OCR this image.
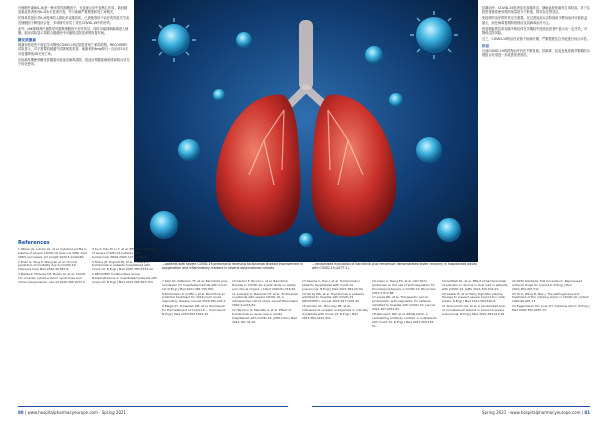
白细胞介素6(IL-6)是一种多效性细胞因子，在炎症反应中起核心作用。新冠肺炎重症患者体内IL-6水平显著升高，并与疾病严重程度和死亡率相关。

托珠单抗是针对IL-6受体的人源化单克隆抗体，已被批准用于治疗类风湿关节炎及细胞因子释放综合征。多项研究评估了其在COVID-19中的疗效。

此外，JAK抑制剂巴瑞替尼可阻断细胞因子信号传导，同时可能抑制病毒进入细胞。临床试验显示其联合瑞德西韦可缩短住院患者的恢复时间。

糖皮质激素

地塞米松是首个被证实可降低COVID-19住院患者死亡率的药物。RECOVERY试验显示，对于需要机械通气或吸氧的患者，地塞米松6mg每日一次治疗10天可显著降低28天死亡率。

在疾病早期使用糖皮质激素可能延迟病毒清除，因此应根据疾病阶段和氧合状态个体化使用。

抗凝治疗：COVID-19患者存在高凝状态，静脉血栓栓塞发生率较高。对于住院患者推荐使用预防剂量低分子肝素，除非存在禁忌证。

免疫调节治疗的时机至关重要。在过度炎症反应阶段给予靶向治疗可能获益最大，而在病毒复制阶段则应以抗病毒治疗为主。

恢复期血浆及单克隆中和抗体在早期轻中度高危患者中显示出一定疗效，可降低住院风险。

总之，COVID-19的治疗应基于疾病分期、严重程度及合并症进行综合评估。

结论

目前COVID-19的药物治疗仍在不断发展，抗病毒、抗炎及免疫调节策略的合理组合有望进一步改善患者预后。

References

1 Wilson JG, Lutrick LS, et al. Cytokine profile in plasma of severe COVID-19 does not differ from ARDS and sepsis. JCI Insight 2020;5:e140289.

2 Ruan Q, Yang K, Wang W, et al. Clinical predictors of mortality due to COVID-19. Intensive Care Med 2020;46:846-8.

3 Mehta P, McAuley DF, Brown M, et al. COVID-19: consider cytokine storm syndromes and immunosuppression. Lancet 2020;395:1033-4.

4 Xu X, Han M, Li T, et al. Effective treatment of severe COVID-19 patients with tocilizumab. PNAS 2020;117:10970-5.

5 Stone JH, Frigault MJ, et al. Efficacy of tocilizumab in patients hospitalized with Covid-19. N Engl J Med 2020;383:2333-44.

6 RECOVERY Collaborative Group. Dexamethasone in hospitalized patients with Covid-19. N Engl J Med 2021;384:693-704.

...patients with severe COVID-19 pneumonia receiving tocilizumab showed improvement in oxygenation and inflammatory markers in several observational cohorts.
...randomised evaluation of baricitinib plus remdesivir demonstrated faster recovery in hospitalised adults with COVID-19 (ACTT-2).

7 Kalil AC, Patterson TF, et al. Baricitinib plus remdesivir for hospitalized adults with Covid-19. N Engl J Med 2021;384:795-807.

8 Richardson P, Griffin I, et al. Baricitinib as potential treatment for 2019-nCoV acute respiratory disease. Lancet 2020;395:e30-1.

9 Beigel JH, Tomashek KM, et al. Remdesivir for the treatment of Covid-19 — final report. N Engl J Med 2020;383:1813-26.

10 Cantini F, Niccoli L, et al. Baricitinib therapy in COVID-19: a pilot study on safety and clinical impact. J Infect 2020;81:318-56.

11 Guaraldi G, Meschiari M, et al. Tocilizumab in patients with severe COVID-19: a retrospective cohort study. Lancet Rheumatol 2020;2:e474-84.

12 Hermine O, Mariette X, et al. Effect of tocilizumab vs usual care in adults hospitalized with COVID-19. JAMA Intern Med 2021;181:32-40.

13 Salama C, Han J, et al. Tocilizumab in patients hospitalized with Covid-19 pneumonia. N Engl J Med 2021;384:20-30.

14 Horby PW, et al. Tocilizumab in patients admitted to hospital with COVID-19 (RECOVERY). Lancet 2021;397:1637-45.

15 Gordon AC, Mouncey PR, et al. Interleukin-6 receptor antagonists in critically ill patients with Covid-19. N Engl J Med 2021;384:1491-502.

16 Cuker A, Tseng EK, et al. ASH 2021 guidelines on the use of anticoagulation for thromboprophylaxis in COVID-19. Blood Adv 2021;5:872-88.

17 Lopes RD, et al. Therapeutic versus prophylactic anticoagulation for patients admitted to hospital with COVID-19. Lancet 2021;397:2253-63.

18 Weinreich DM, et al. REGN-COV2, a neutralizing antibody cocktail, in outpatients with Covid-19. N Engl J Med 2021;384:238-51.

19 Gottlieb RL, et al. Effect of bamlanivimab vs placebo on decline in viral load in patients with COVID-19. JAMA 2021;325:632-44.

20 Libster R, et al. Early high-titer plasma therapy to prevent severe Covid-19 in older adults. N Engl J Med 2021;384:610-8.

21 Simonovich VA, et al. A randomized trial of convalescent plasma in Covid-19 severe pneumonia. N Engl J Med 2021;384:619-29.

22 WHO Solidarity Trial Consortium. Repurposed antiviral drugs for Covid-19. N Engl J Med 2021;384:497-511.

23 Ye Q, Wang B, Mao J. The pathogenesis and treatment of the cytokine storm in COVID-19. J Infect 2020;80:607-13.

24 Fajgenbaum DC, June CH. Cytokine storm. N Engl J Med 2020;383:2255-73.

80 | www.hospitalpharmacyeurope.com · Spring 2021	Spring 2021 · www.hospitalpharmacyeurope.com | 81
